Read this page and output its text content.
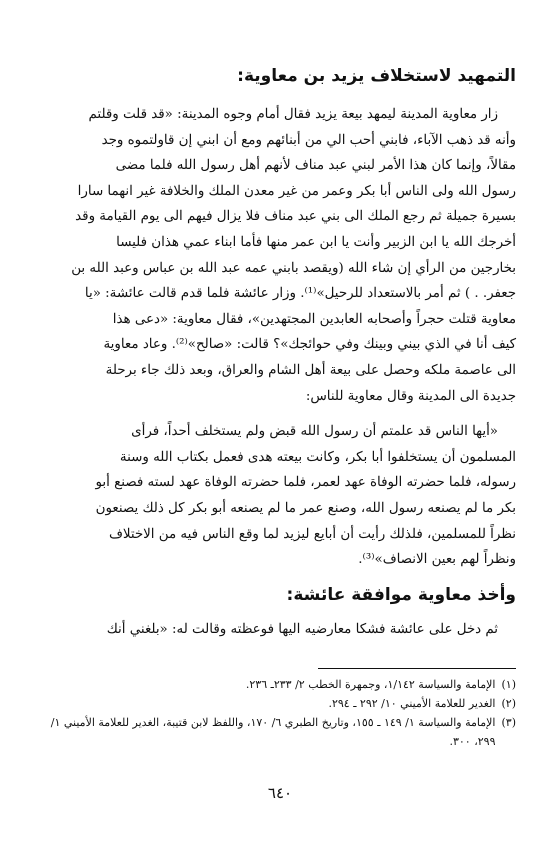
التمهيد لاستخلاف يزيد بن معاوية:

زار معاوية المدينة ليمهد بيعة يزيد فقال أمام وجوه المدينة: «قد قلت وقلتم

وأنه قد ذهب الآباء، فابني أحب الي من أبنائهم ومع أن ابني إن قاولتموه وجد

مقالاً، وإنما كان هذا الأمر لبني عبد مناف لأنهم أهل رسول الله فلما مضى

رسول الله ولى الناس أبا بكر وعمر من غير معدن الملك والخلافة غير انهما سارا

بسيرة جميلة ثم رجع الملك الى بني عبد مناف فلا يزال فيهم الى يوم القيامة وقد

أخرجك الله يا ابن الزبير وأنت يا ابن عمر منها فأما ابناء عمي هذان فليسا

بخارجين من الرأي إن شاء الله (ويقصد بابني عمه عبد الله بن عباس وعبد الله بن

جعفر. . ) ثم أمر بالاستعداد للرحيل»⁽¹⁾. وزار عائشة فلما قدم قالت عائشة: «يا

معاوية قتلت حجراً وأصحابه العابدين المجتهدين»، فقال معاوية: «دعى هذا

كيف أنا في الذي بيني وبينك وفي حوائجك»؟ قالت: «صالح»⁽²⁾. وعاد معاوية

الى عاصمة ملكه وحصل على بيعة أهل الشام والعراق، وبعد ذلك جاء برحلة

جديدة الى المدينة وقال معاوية للناس:

«أيها الناس قد علمتم أن رسول الله قبض ولم يستخلف أحداً، فرأى

المسلمون أن يستخلفوا أبا بكر، وكانت بيعته هدى فعمل بكتاب الله وسنة

رسوله، فلما حضرته الوفاة عهد لعمر، فلما حضرته الوفاة عهد لسته فصنع أبو

بكر ما لم يصنعه رسول الله، وصنع عمر ما لم يصنعه أبو بكر كل ذلك يصنعون

نظراً للمسلمين، فلذلك رأيت أن أبايع ليزيد لما وقع الناس فيه من الاختلاف

ونظراً لهم بعين الانصاف»⁽³⁾.

وأخذ معاوية موافقة عائشة:

ثم دخل على عائشة فشكا معارضيه اليها فوعظته وقالت له: «بلغني أنك

(١)
الإمامة والسياسة ١/١٤٢، وجمهرة الخطب ٢/ ٢٣٣ـ ٢٣٦.
(٢)
الغدير للعلامة الأميني ١٠/ ٢٩٢ ـ ٢٩٤.
(٣)
الإمامة والسياسة ١/ ١٤٩ ـ ١٥٥، وتاريخ الطبري ٦/ ١٧٠، واللفظ لابن قتيبة، الغدير للعلامة الأميني ١/ ٢٩٩، ٣٠٠.
٦٤٠
